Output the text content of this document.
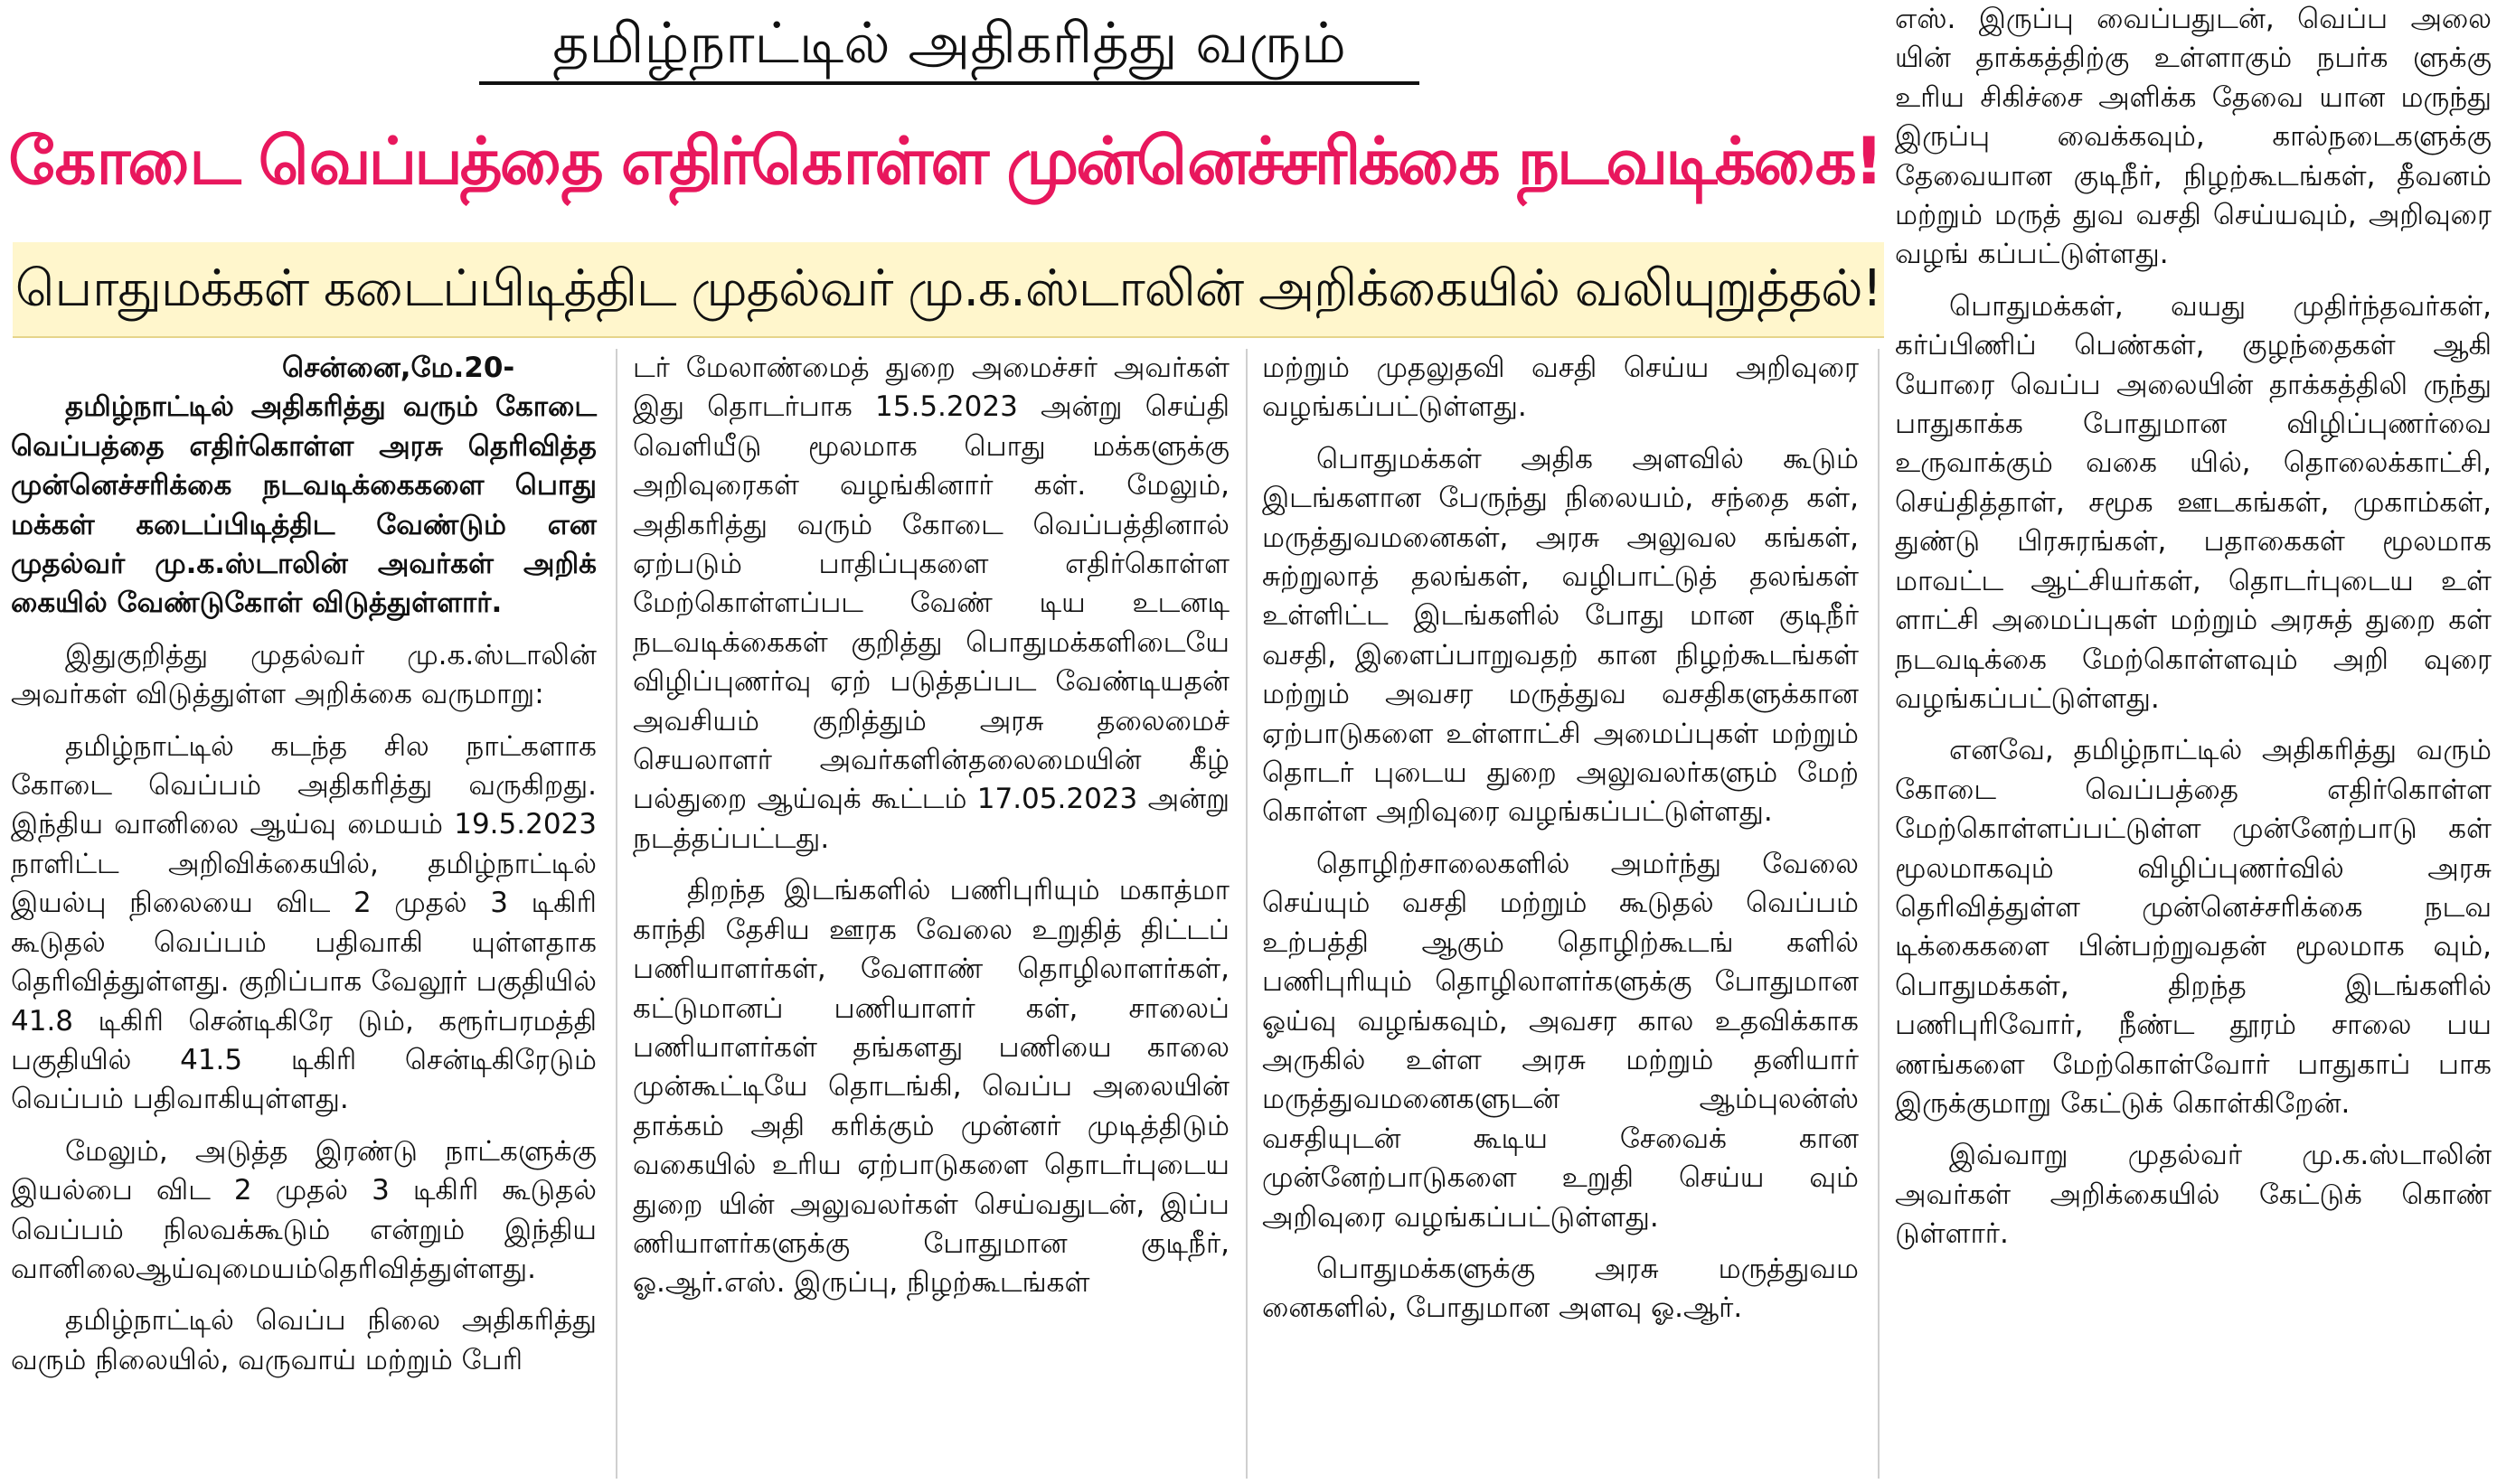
தமிழ்நாட்டில் அதிகரித்து வரும்
கோடை வெப்பத்தை எதிர்கொள்ள முன்னெச்சரிக்கை நடவடிக்கை!
பொதுமக்கள் கடைப்பிடித்திட முதல்வர் மு.க.ஸ்டாலின் அறிக்கையில் வலியுறுத்தல்!

சென்னை,மே.20-

தமிழ்நாட்டில் அதிகரித்து வரும் கோடை வெப்பத்தை எதிர்கொள்ள அரசு தெரிவித்த முன்னெச்சரிக்கை நடவடிக்கைகளை பொது மக்கள் கடைப்பிடித்திட வேண்டும் என முதல்வர் மு.க.ஸ்டாலின் அவர்கள் அறிக் கையில் வேண்டுகோள் விடுத்துள்ளார்.

இதுகுறித்து முதல்வர் மு.க.ஸ்டாலின் அவர்கள் விடுத்துள்ள அறிக்கை வருமாறு:

தமிழ்நாட்டில் கடந்த சில நாட்களாக கோடை வெப்பம் அதிகரித்து வருகிறது. இந்திய வானிலை ஆய்வு மையம் 19.5.2023 நாளிட்ட அறிவிக்கையில், தமிழ்நாட்டில் இயல்பு நிலையை விட 2 முதல் 3 டிகிரி கூடுதல் வெப்பம் பதிவாகி யுள்ளதாக தெரிவித்துள்ளது. குறிப்பாக வேலூர் பகுதியில் 41.8 டிகிரி சென்டிகிரே டும், கரூர்பரமத்தி பகுதியில் 41.5 டிகிரி சென்டிகிரேடும் வெப்பம் பதிவாகியுள்ளது.

மேலும், அடுத்த இரண்டு நாட்களுக்கு இயல்பை விட 2 முதல் 3 டிகிரி கூடுதல் வெப்பம் நிலவக்கூடும் என்றும் இந்திய வானிலைஆய்வுமையம்தெரிவித்துள்ளது.

தமிழ்நாட்டில் வெப்ப நிலை அதிகரித்து வரும் நிலையில், வருவாய் மற்றும் பேரி

டர் மேலாண்மைத் துறை அமைச்சர் அவர்கள் இது தொடர்பாக 15.5.2023 அன்று செய்தி வெளியீடு மூலமாக பொது மக்களுக்கு அறிவுரைகள் வழங்கினார் கள். மேலும், அதிகரித்து வரும் கோடை வெப்பத்தினால் ஏற்படும் பாதிப்புகளை எதிர்கொள்ள மேற்கொள்ளப்பட வேண் டிய உடனடி நடவடிக்கைகள் குறித்து பொதுமக்களிடையே விழிப்புணர்வு ஏற் படுத்தப்பட வேண்டியதன் அவசியம் குறித்தும் அரசு தலைமைச் செயலாளர் அவர்களின்தலைமையின் கீழ் பல்துறை ஆய்வுக் கூட்டம் 17.05.2023 அன்று நடத்தப்பட்டது.

திறந்த இடங்களில் பணிபுரியும் மகாத்மா காந்தி தேசிய ஊரக வேலை உறுதித் திட்டப் பணியாளர்கள், வேளாண் தொழிலாளர்கள், கட்டுமானப் பணியாளர் கள், சாலைப் பணியாளர்கள் தங்களது பணியை காலை முன்கூட்டியே தொடங்கி, வெப்ப அலையின் தாக்கம் அதி கரிக்கும் முன்னர் முடித்திடும் வகையில் உரிய ஏற்பாடுகளை தொடர்புடைய துறை யின் அலுவலர்கள் செய்வதுடன், இப்ப ணியாளர்களுக்கு போதுமான குடிநீர், ஓ.ஆர்.எஸ். இருப்பு, நிழற்கூடங்கள்

மற்றும் முதலுதவி வசதி செய்ய அறிவுரை வழங்கப்பட்டுள்ளது.

பொதுமக்கள் அதிக அளவில் கூடும் இடங்களான பேருந்து நிலையம், சந்தை கள், மருத்துவமனைகள், அரசு அலுவல கங்கள், சுற்றுலாத் தலங்கள், வழிபாட்டுத் தலங்கள் உள்ளிட்ட இடங்களில் போது மான குடிநீர் வசதி, இளைப்பாறுவதற் கான நிழற்கூடங்கள் மற்றும் அவசர மருத்துவ வசதிகளுக்கான ஏற்பாடுகளை உள்ளாட்சி அமைப்புகள் மற்றும் தொடர் புடைய துறை அலுவலர்களும் மேற் கொள்ள அறிவுரை வழங்கப்பட்டுள்ளது.

தொழிற்சாலைகளில் அமர்ந்து வேலை செய்யும் வசதி மற்றும் கூடுதல் வெப்பம் உற்பத்தி ஆகும் தொழிற்கூடங் களில் பணிபுரியும் தொழிலாளர்களுக்கு போதுமான ஓய்வு வழங்கவும், அவசர கால உதவிக்காக அருகில் உள்ள அரசு மற்றும் தனியார் மருத்துவமனைகளுடன் ஆம்புலன்ஸ் வசதியுடன் கூடிய சேவைக் கான முன்னேற்பாடுகளை உறுதி செய்ய வும் அறிவுரை வழங்கப்பட்டுள்ளது.

பொதுமக்களுக்கு அரசு மருத்துவம னைகளில், போதுமான அளவு ஓ.ஆர்.

எஸ். இருப்பு வைப்பதுடன், வெப்ப அலை யின் தாக்கத்திற்கு உள்ளாகும் நபர்க ளுக்கு உரிய சிகிச்சை அளிக்க தேவை யான மருந்து இருப்பு வைக்கவும், கால்நடைகளுக்கு தேவையான குடிநீர், நிழற்கூடங்கள், தீவனம் மற்றும் மருத் துவ வசதி செய்யவும், அறிவுரை வழங் கப்பட்டுள்ளது.

பொதுமக்கள், வயது முதிர்ந்தவர்கள், கர்ப்பிணிப் பெண்கள், குழந்தைகள் ஆகி யோரை வெப்ப அலையின் தாக்கத்திலி ருந்து பாதுகாக்க போதுமான விழிப்புணர்வை உருவாக்கும் வகை யில், தொலைக்காட்சி, செய்தித்தாள், சமூக ஊடகங்கள், முகாம்கள், துண்டு பிரசுரங்கள், பதாகைகள் மூலமாக மாவட்ட ஆட்சியர்கள், தொடர்புடைய உள் ளாட்சி அமைப்புகள் மற்றும் அரசுத் துறை கள் நடவடிக்கை மேற்கொள்ளவும் அறி வுரை வழங்கப்பட்டுள்ளது.

எனவே, தமிழ்நாட்டில் அதிகரித்து வரும் கோடை வெப்பத்தை எதிர்கொள்ள மேற்கொள்ளப்பட்டுள்ள முன்னேற்பாடு கள் மூலமாகவும் விழிப்புணர்வில் அரசு தெரிவித்துள்ள முன்னெச்சரிக்கை நடவ டிக்கைகளை பின்பற்றுவதன் மூலமாக வும், பொதுமக்கள், திறந்த இடங்களில் பணிபுரிவோர், நீண்ட தூரம் சாலை பய ணங்களை மேற்கொள்வோர் பாதுகாப் பாக இருக்குமாறு கேட்டுக் கொள்கிறேன்.

இவ்வாறு முதல்வர் மு.க.ஸ்டாலின் அவர்கள் அறிக்கையில் கேட்டுக் கொண் டுள்ளார்.
